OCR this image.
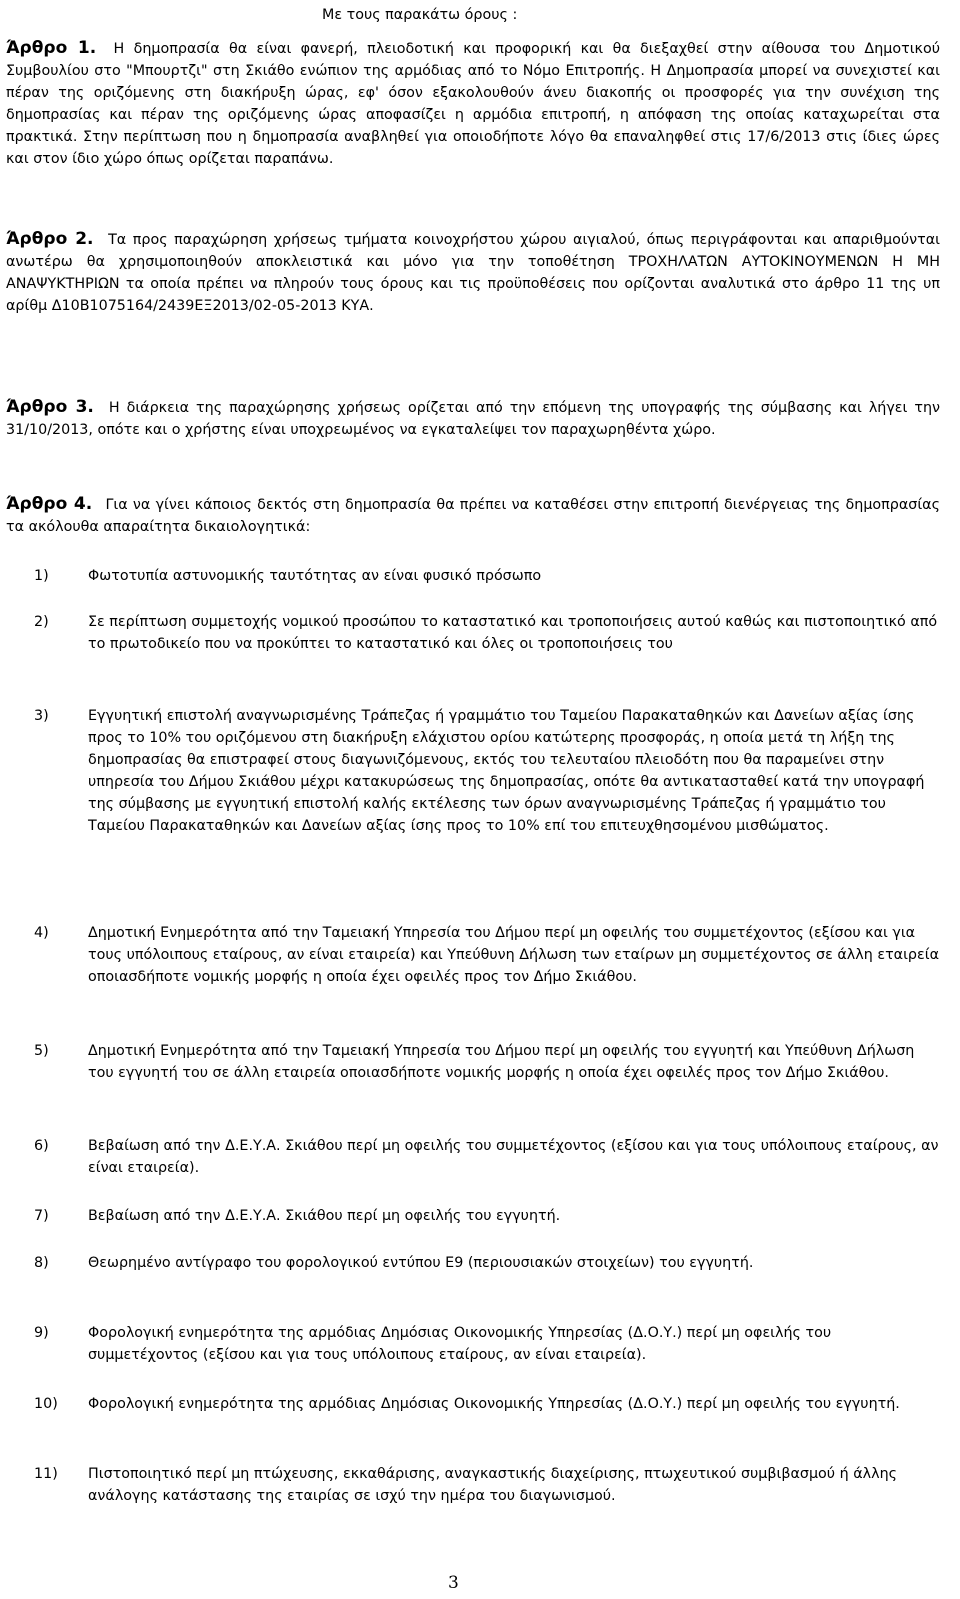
Με τους παρακάτω όρους :

Άρθρο 1. Η δημοπρασία θα είναι φανερή, πλειοδοτική και προφορική και θα διεξαχθεί στην αίθουσα του Δημοτικού Συμβουλίου στο "Μπουρτζι" στη Σκιάθο ενώπιον της αρμόδιας από το Νόμο Επιτροπής. Η Δημοπρασία μπορεί να συνεχιστεί και πέραν της οριζόμενης στη διακήρυξη ώρας, εφ' όσον εξακολουθούν άνευ διακοπής οι προσφορές για την συνέχιση της δημοπρασίας και πέραν της οριζόμενης ώρας αποφασίζει η αρμόδια επιτροπή, η απόφαση της οποίας καταχωρείται στα πρακτικά. Στην περίπτωση που η δημοπρασία αναβληθεί για οποιοδήποτε λόγο θα επαναληφθεί στις 17/6/2013 στις ίδιες ώρες και στον ίδιο χώρο όπως ορίζεται παραπάνω.

Άρθρο 2. Τα προς παραχώρηση χρήσεως τμήματα κοινοχρήστου χώρου αιγιαλού, όπως περιγράφονται και απαριθμούνται ανωτέρω θα χρησιμοποιηθούν αποκλειστικά και μόνο για την τοποθέτηση ΤΡΟΧΗΛΑΤΩΝ ΑΥΤΟΚΙΝΟΥΜΕΝΩΝ Η ΜΗ ΑΝΑΨΥΚΤΗΡΙΩΝ τα οποία πρέπει να πληρούν τους όρους και τις προϋποθέσεις που ορίζονται αναλυτικά στο άρθρο 11 της υπ αρίθμ Δ10Β1075164/2439ΕΞ2013/02-05-2013 ΚΥΑ.

Άρθρο 3. Η διάρκεια της παραχώρησης χρήσεως ορίζεται από την επόμενη της υπογραφής της σύμβασης και λήγει την 31/10/2013, οπότε και ο χρήστης είναι υποχρεωμένος να εγκαταλείψει τον παραχωρηθέντα χώρο.

Άρθρο 4. Για να γίνει κάποιος δεκτός στη δημοπρασία θα πρέπει να καταθέσει στην επιτροπή διενέργειας της δημοπρασίας τα ακόλουθα απαραίτητα δικαιολογητικά:

1)	Φωτοτυπία αστυνομικής ταυτότητας αν είναι φυσικό πρόσωπο
2)	Σε περίπτωση συμμετοχής νομικού προσώπου το καταστατικό και τροποποιήσεις αυτού καθώς και πιστοποιητικό από το πρωτοδικείο που να προκύπτει το καταστατικό και όλες οι τροποποιήσεις του
3)	Εγγυητική επιστολή αναγνωρισμένης Τράπεζας ή γραμμάτιο του Ταμείου Παρακαταθηκών και Δανείων αξίας ίσης προς το 10% του οριζόμενου στη διακήρυξη ελάχιστου ορίου κατώτερης προσφοράς, η οποία μετά τη λήξη της δημοπρασίας θα επιστραφεί στους διαγωνιζόμενους, εκτός του τελευταίου πλειοδότη που θα παραμείνει στην υπηρεσία του Δήμου Σκιάθου μέχρι κατακυρώσεως της δημοπρασίας, οπότε θα αντικατασταθεί κατά την υπογραφή της σύμβασης με εγγυητική επιστολή καλής εκτέλεσης των όρων αναγνωρισμένης Τράπεζας ή γραμμάτιο του Ταμείου Παρακαταθηκών και Δανείων αξίας ίσης προς το 10% επί του επιτευχθησομένου μισθώματος.
4)	Δημοτική Ενημερότητα από την Ταμειακή Υπηρεσία του Δήμου περί μη οφειλής του συμμετέχοντος (εξίσου και για τους υπόλοιπους εταίρους, αν είναι εταιρεία) και Υπεύθυνη Δήλωση των εταίρων μη συμμετέχοντος σε άλλη εταιρεία οποιασδήποτε νομικής μορφής η οποία έχει οφειλές προς τον Δήμο Σκιάθου.
5)	Δημοτική Ενημερότητα από την Ταμειακή Υπηρεσία του Δήμου περί μη οφειλής του εγγυητή και Υπεύθυνη Δήλωση του εγγυητή του σε άλλη εταιρεία οποιασδήποτε νομικής μορφής η οποία έχει οφειλές προς τον Δήμο Σκιάθου.
6)	Βεβαίωση από την Δ.Ε.Υ.Α. Σκιάθου περί μη οφειλής του συμμετέχοντος (εξίσου και για τους υπόλοιπους εταίρους, αν είναι εταιρεία).
7)	Βεβαίωση από την Δ.Ε.Υ.Α. Σκιάθου περί μη οφειλής του εγγυητή.
8)	Θεωρημένο αντίγραφο του φορολογικού εντύπου Ε9 (περιουσιακών στοιχείων) του εγγυητή.
9)	Φορολογική ενημερότητα της αρμόδιας Δημόσιας Οικονομικής Υπηρεσίας (Δ.Ο.Υ.) περί μη οφειλής του συμμετέχοντος (εξίσου και για τους υπόλοιπους εταίρους, αν είναι εταιρεία).
10)	Φορολογική ενημερότητα της αρμόδιας Δημόσιας Οικονομικής Υπηρεσίας (Δ.Ο.Υ.) περί μη οφειλής του εγγυητή.
11)	Πιστοποιητικό περί μη πτώχευσης, εκκαθάρισης, αναγκαστικής διαχείρισης, πτωχευτικού συμβιβασμού ή άλλης ανάλογης κατάστασης της εταιρίας σε ισχύ την ημέρα του διαγωνισμού.
3
